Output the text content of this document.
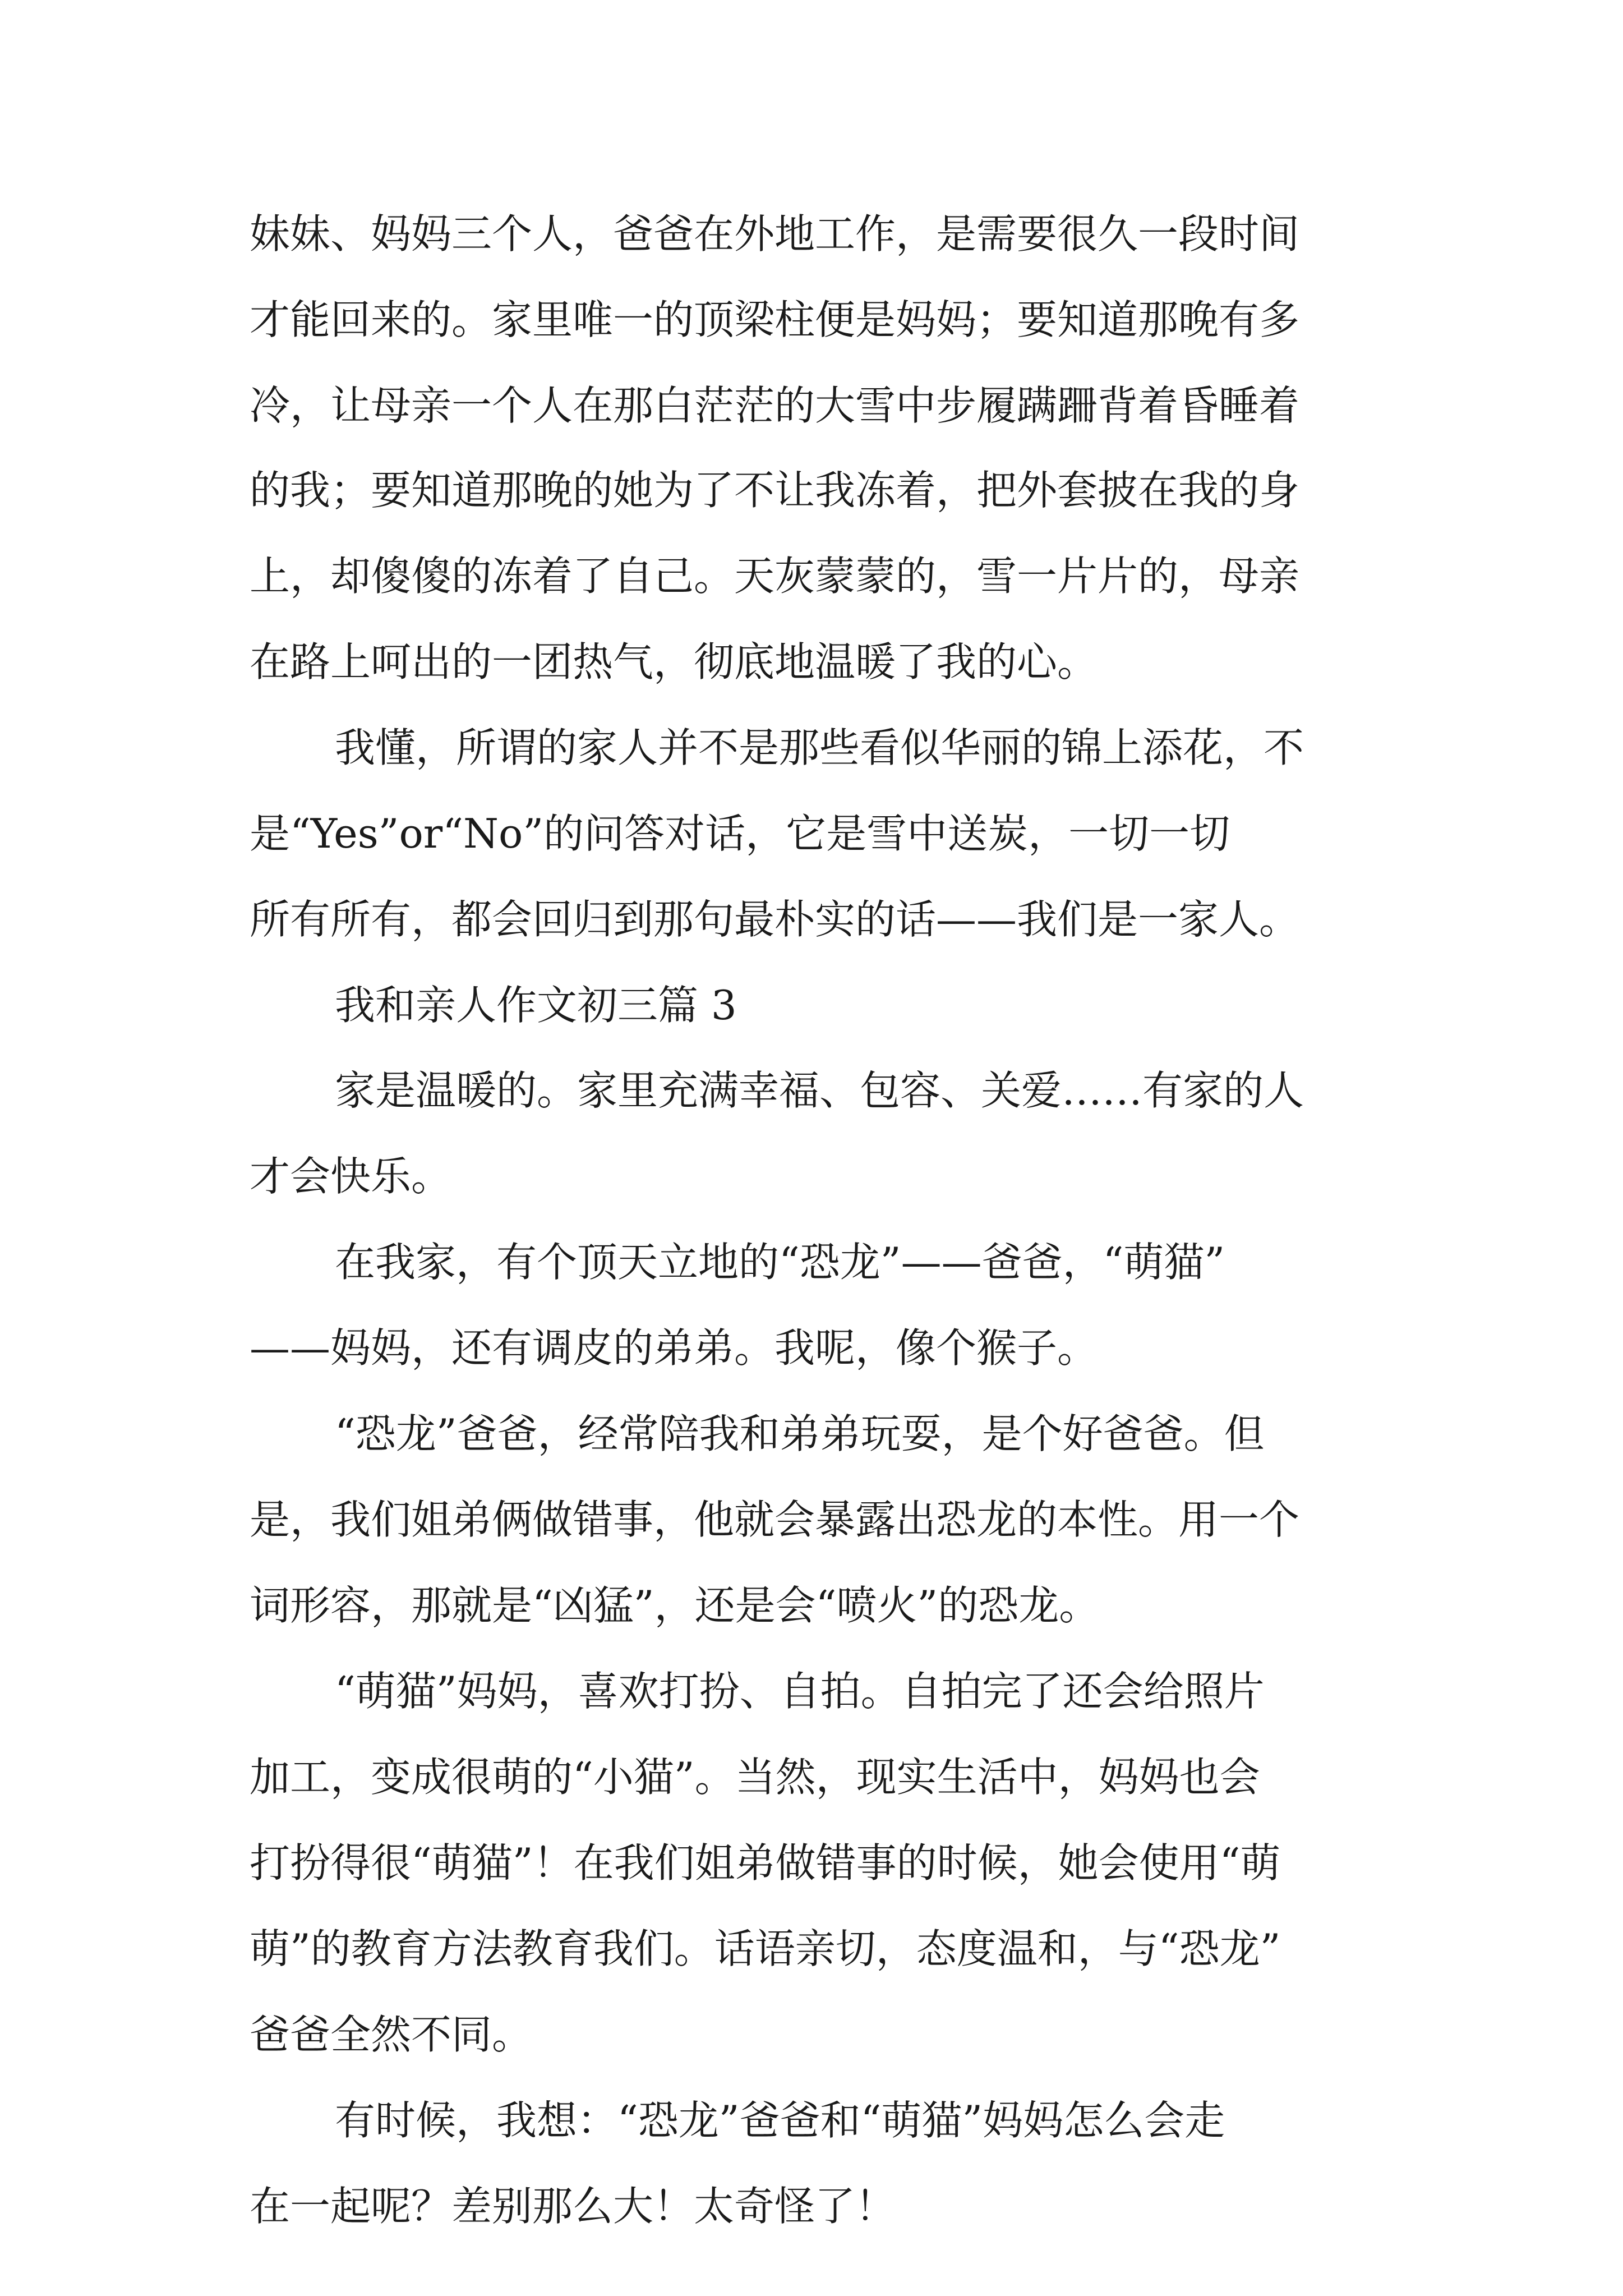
妹妹、妈妈三个人，爸爸在外地工作，是需要很久一段时间
才能回来的。家里唯一的顶梁柱便是妈妈；要知道那晚有多
冷，让母亲一个人在那白茫茫的大雪中步履蹒跚背着昏睡着
的我；要知道那晚的她为了不让我冻着，把外套披在我的身
上，却傻傻的冻着了自己。天灰蒙蒙的，雪一片片的，母亲
在路上呵出的一团热气，彻底地温暖了我的心。
我懂，所谓的家人并不是那些看似华丽的锦上添花，不
是“Yes”or“No”的问答对话，它是雪中送炭，一切一切
所有所有，都会回归到那句最朴实的话——我们是一家人。
我和亲人作文初三篇 3
家是温暖的。家里充满幸福、包容、关爱……有家的人
才会快乐。
在我家，有个顶天立地的“恐龙”——爸爸，“萌猫”
——妈妈，还有调皮的弟弟。我呢，像个猴子。
“恐龙”爸爸，经常陪我和弟弟玩耍，是个好爸爸。但
是，我们姐弟俩做错事，他就会暴露出恐龙的本性。用一个
词形容，那就是“凶猛”，还是会“喷火”的恐龙。
“萌猫”妈妈，喜欢打扮、自拍。自拍完了还会给照片
加工，变成很萌的“小猫”。当然，现实生活中，妈妈也会
打扮得很“萌猫”！在我们姐弟做错事的时候，她会使用“萌
萌”的教育方法教育我们。话语亲切，态度温和，与“恐龙”
爸爸全然不同。
有时候，我想：“恐龙”爸爸和“萌猫”妈妈怎么会走
在一起呢？差别那么大！太奇怪了！
